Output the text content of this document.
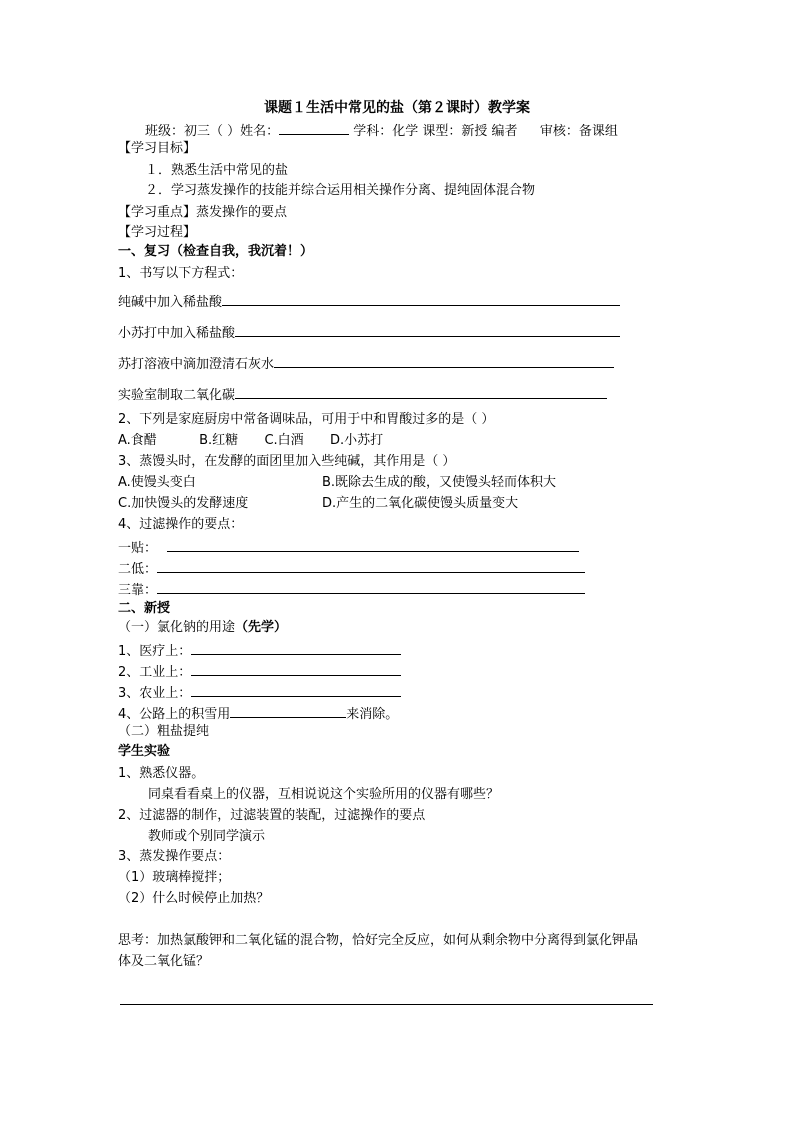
课题１生活中常见的盐（第２课时）教学案
班级：初三（ ）姓名：	学科：化学 课型：新授 编者 审核：备课组
【学习目标】
１．熟悉生活中常见的盐
２．学习蒸发操作的技能并综合运用相关操作分离、提纯固体混合物
【学习重点】蒸发操作的要点
【学习过程】
一、复习（检查自我，我沉着！）
1、书写以下方程式：
纯碱中加入稀盐酸
小苏打中加入稀盐酸
苏打溶液中滴加澄清石灰水
实验室制取二氧化碳
2、下列是家庭厨房中常备调味品，可用于中和胃酸过多的是（ ）
A.食醋	B.红糖 C.白酒 D.小苏打
3、蒸馒头时，在发酵的面团里加入些纯碱，其作用是（ ）
A.使馒头变白	B.既除去生成的酸，又使馒头轻而体积大
C.加快馒头的发酵速度	D.产生的二氧化碳使馒头质量变大
4、过滤操作的要点：
一贴：
二低：
三靠：
二、新授
（一）氯化钠的用途（先学）
1、医疗上：
2、工业上：
3、农业上：
4、公路上的积雪用	来消除。
（二）粗盐提纯
学生实验
1、熟悉仪器。
同桌看看桌上的仪器，互相说说这个实验所用的仪器有哪些？
2、过滤器的制作，过滤装置的装配，过滤操作的要点
教师或个别同学演示
3、蒸发操作要点：
（1）玻璃棒搅拌；
（2）什么时候停止加热？
思考：加热氯酸钾和二氧化锰的混合物，恰好完全反应，如何从剩余物中分离得到氯化钾晶
体及二氧化锰？
